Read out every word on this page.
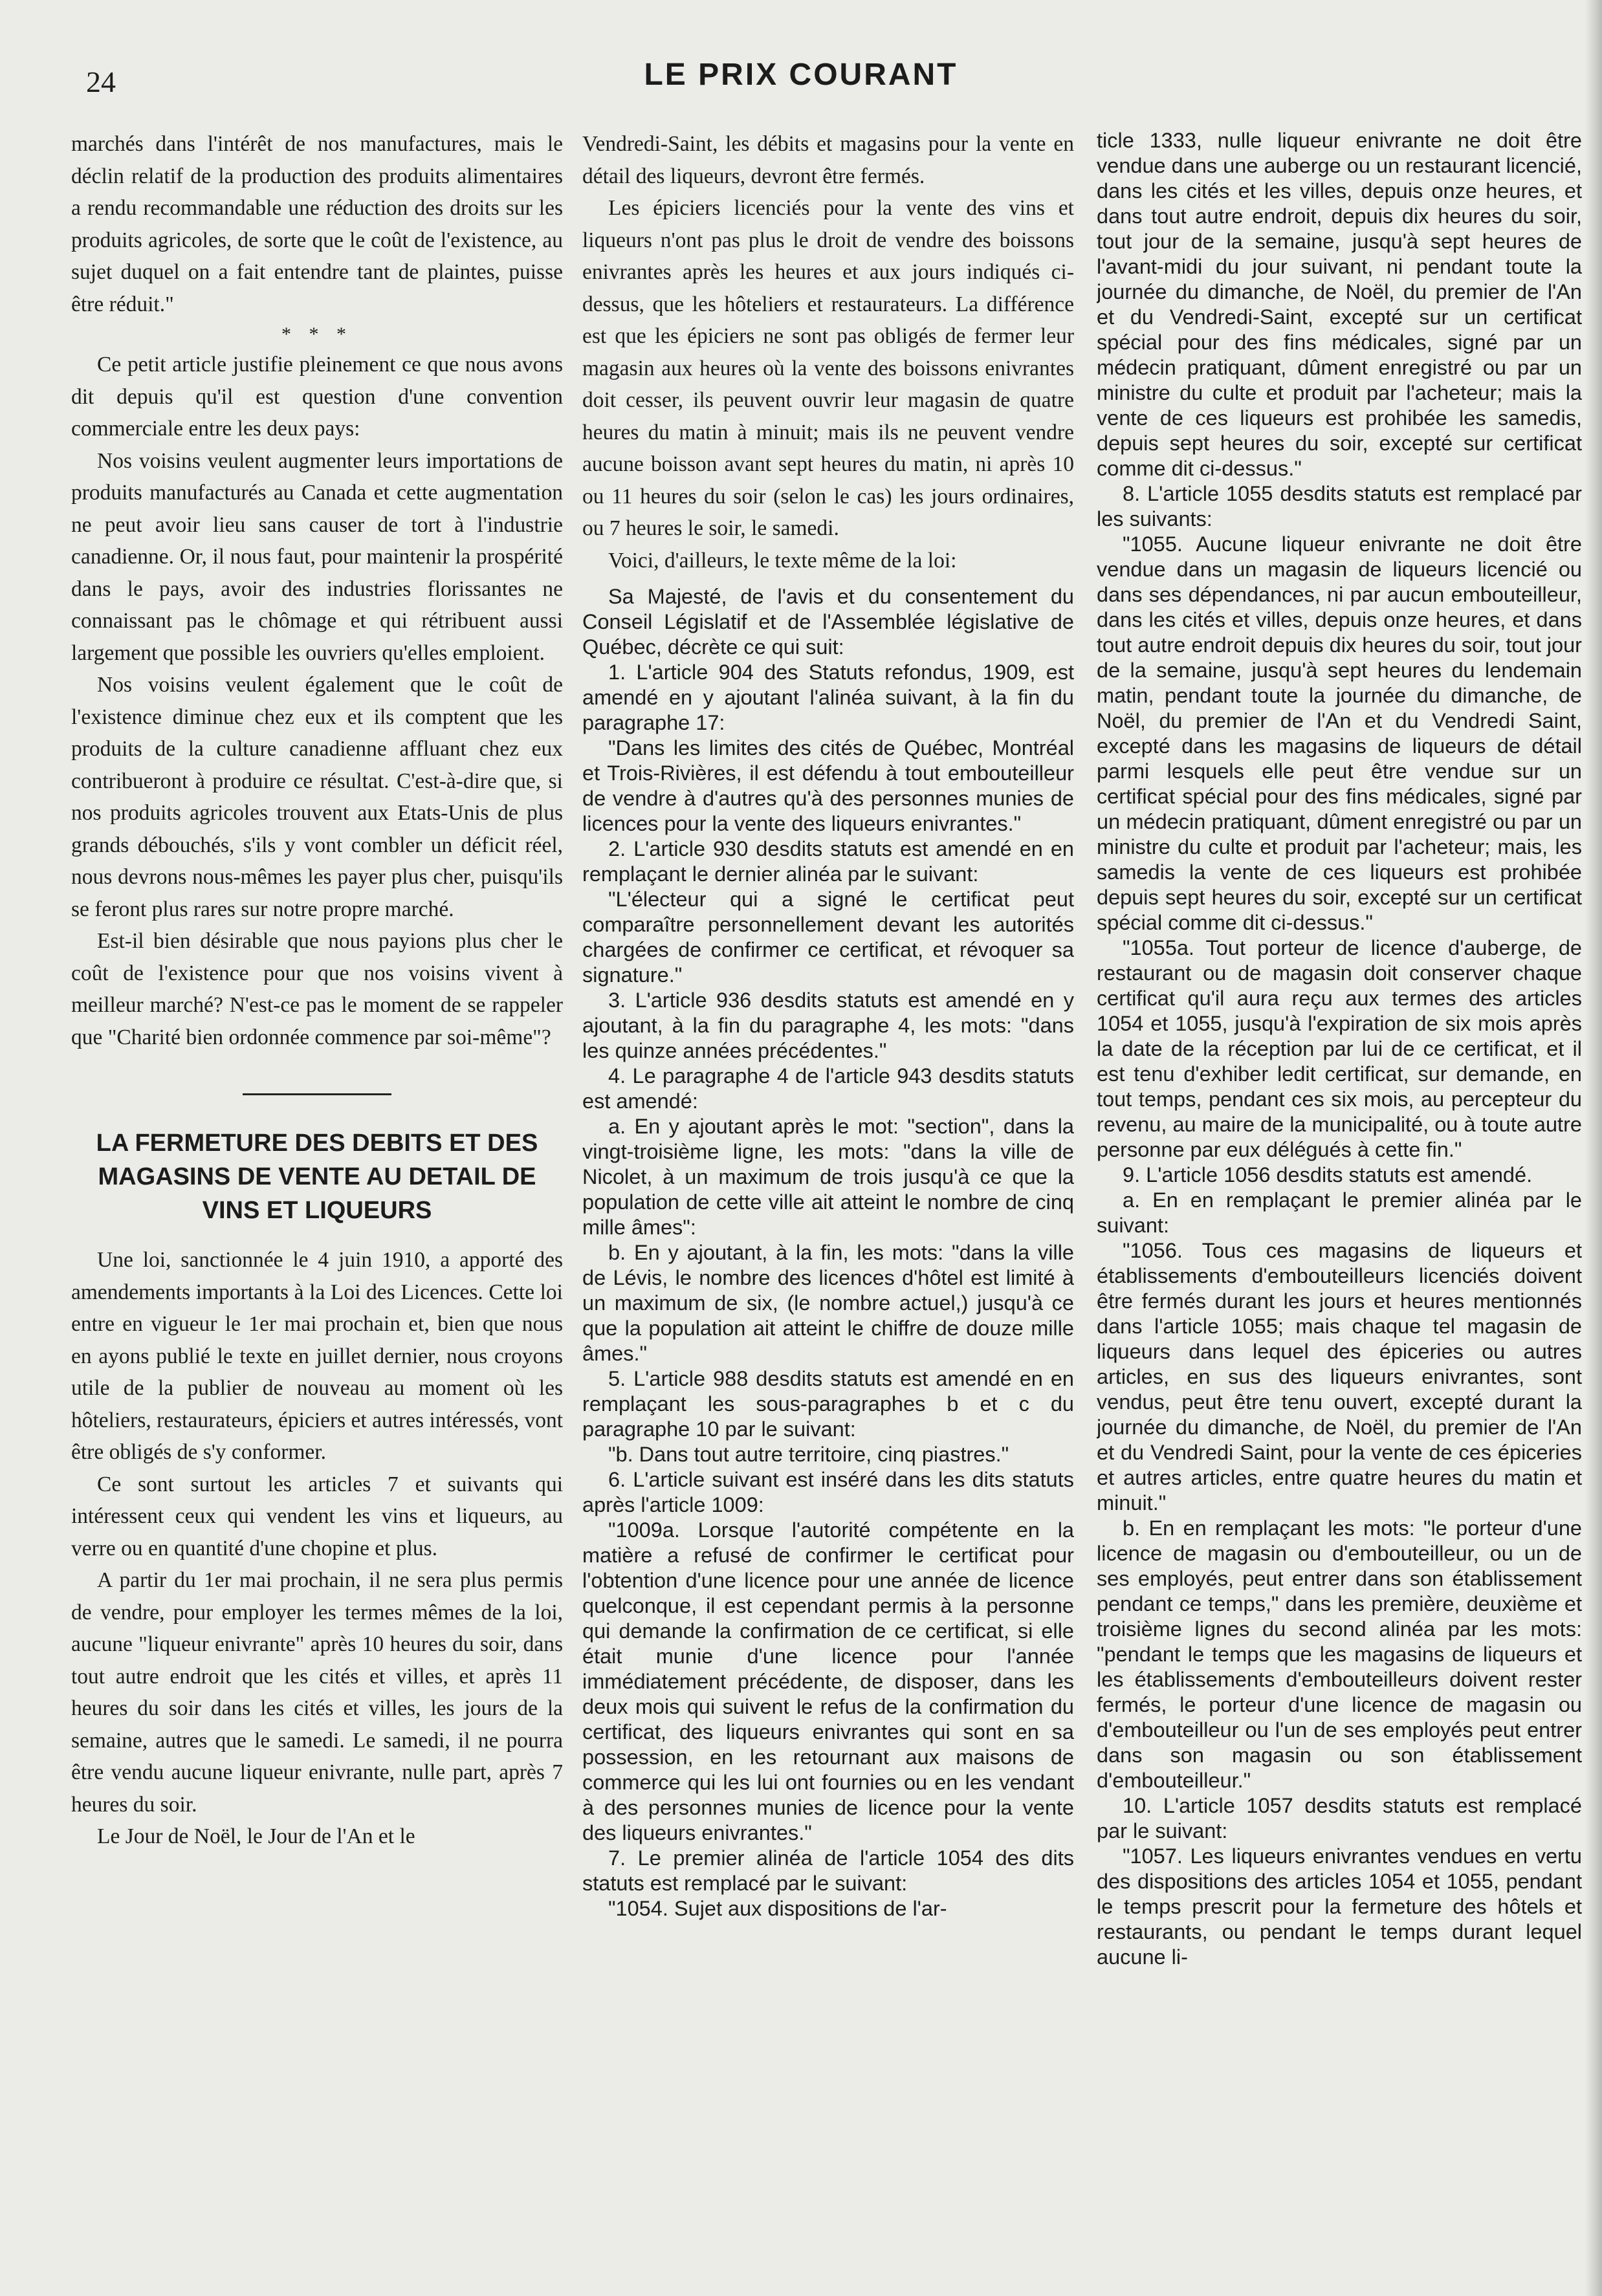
24	LE PRIX COURANT

marchés dans l'intérêt de nos manufactures, mais le déclin relatif de la production des produits alimentaires a rendu recommandable une réduction des droits sur les produits agricoles, de sorte que le coût de l'existence, au sujet duquel on a fait entendre tant de plaintes, puisse être réduit."

* * *

Ce petit article justifie pleinement ce que nous avons dit depuis qu'il est question d'une convention commerciale entre les deux pays:

Nos voisins veulent augmenter leurs importations de produits manufacturés au Canada et cette augmentation ne peut avoir lieu sans causer de tort à l'industrie canadienne. Or, il nous faut, pour maintenir la prospérité dans le pays, avoir des industries florissantes ne connaissant pas le chômage et qui rétribuent aussi largement que possible les ouvriers qu'elles emploient.

Nos voisins veulent également que le coût de l'existence diminue chez eux et ils comptent que les produits de la culture canadienne affluant chez eux contribueront à produire ce résultat. C'est-à-dire que, si nos produits agricoles trouvent aux Etats-Unis de plus grands débouchés, s'ils y vont combler un déficit réel, nous devrons nous-mêmes les payer plus cher, puisqu'ils se feront plus rares sur notre propre marché.

Est-il bien désirable que nous payions plus cher le coût de l'existence pour que nos voisins vivent à meilleur marché? N'est-ce pas le moment de se rappeler que "Charité bien ordonnée commence par soi-même"?

LA FERMETURE DES DEBITS ET DES MAGASINS DE VENTE AU DETAIL DE VINS ET LIQUEURS

Une loi, sanctionnée le 4 juin 1910, a apporté des amendements importants à la Loi des Licences. Cette loi entre en vigueur le 1er mai prochain et, bien que nous en ayons publié le texte en juillet dernier, nous croyons utile de la publier de nouveau au moment où les hôteliers, restaurateurs, épiciers et autres intéressés, vont être obligés de s'y conformer.

Ce sont surtout les articles 7 et suivants qui intéressent ceux qui vendent les vins et liqueurs, au verre ou en quantité d'une chopine et plus.

A partir du 1er mai prochain, il ne sera plus permis de vendre, pour employer les termes mêmes de la loi, aucune "liqueur enivrante" après 10 heures du soir, dans tout autre endroit que les cités et villes, et après 11 heures du soir dans les cités et villes, les jours de la semaine, autres que le samedi. Le samedi, il ne pourra être vendu aucune liqueur enivrante, nulle part, après 7 heures du soir.

Le Jour de Noël, le Jour de l'An et le

Vendredi-Saint, les débits et magasins pour la vente en détail des liqueurs, devront être fermés.

Les épiciers licenciés pour la vente des vins et liqueurs n'ont pas plus le droit de vendre des boissons enivrantes après les heures et aux jours indiqués ci-dessus, que les hôteliers et restaurateurs. La différence est que les épiciers ne sont pas obligés de fermer leur magasin aux heures où la vente des boissons enivrantes doit cesser, ils peuvent ouvrir leur magasin de quatre heures du matin à minuit; mais ils ne peuvent vendre aucune boisson avant sept heures du matin, ni après 10 ou 11 heures du soir (selon le cas) les jours ordinaires, ou 7 heures le soir, le samedi.

Voici, d'ailleurs, le texte même de la loi:

Sa Majesté, de l'avis et du consentement du Conseil Législatif et de l'Assemblée législative de Québec, décrète ce qui suit:

1. L'article 904 des Statuts refondus, 1909, est amendé en y ajoutant l'alinéa suivant, à la fin du paragraphe 17:

"Dans les limites des cités de Québec, Montréal et Trois-Rivières, il est défendu à tout embouteilleur de vendre à d'autres qu'à des personnes munies de licences pour la vente des liqueurs enivrantes."

2. L'article 930 desdits statuts est amendé en en remplaçant le dernier alinéa par le suivant:

"L'électeur qui a signé le certificat peut comparaître personnellement devant les autorités chargées de confirmer ce certificat, et révoquer sa signature."

3. L'article 936 desdits statuts est amendé en y ajoutant, à la fin du paragraphe 4, les mots: "dans les quinze années précédentes."

4. Le paragraphe 4 de l'article 943 desdits statuts est amendé:

a. En y ajoutant après le mot: "section", dans la vingt-troisième ligne, les mots: "dans la ville de Nicolet, à un maximum de trois jusqu'à ce que la population de cette ville ait atteint le nombre de cinq mille âmes":

b. En y ajoutant, à la fin, les mots: "dans la ville de Lévis, le nombre des licences d'hôtel est limité à un maximum de six, (le nombre actuel,) jusqu'à ce que la population ait atteint le chiffre de douze mille âmes."

5. L'article 988 desdits statuts est amendé en en remplaçant les sous-paragraphes b et c du paragraphe 10 par le suivant:

"b. Dans tout autre territoire, cinq piastres."

6. L'article suivant est inséré dans les dits statuts après l'article 1009:

"1009a. Lorsque l'autorité compétente en la matière a refusé de confirmer le certificat pour l'obtention d'une licence pour une année de licence quelconque, il est cependant permis à la personne qui demande la confirmation de ce certificat, si elle était munie d'une licence pour l'année immédiatement précédente, de disposer, dans les deux mois qui suivent le refus de la confirmation du certificat, des liqueurs enivrantes qui sont en sa possession, en les retournant aux maisons de commerce qui les lui ont fournies ou en les vendant à des personnes munies de licence pour la vente des liqueurs enivrantes."

7. Le premier alinéa de l'article 1054 des dits statuts est remplacé par le suivant:

"1054. Sujet aux dispositions de l'ar-

ticle 1333, nulle liqueur enivrante ne doit être vendue dans une auberge ou un restaurant licencié, dans les cités et les villes, depuis onze heures, et dans tout autre endroit, depuis dix heures du soir, tout jour de la semaine, jusqu'à sept heures de l'avant-midi du jour suivant, ni pendant toute la journée du dimanche, de Noël, du premier de l'An et du Vendredi-Saint, excepté sur un certificat spécial pour des fins médicales, signé par un médecin pratiquant, dûment enregistré ou par un ministre du culte et produit par l'acheteur; mais la vente de ces liqueurs est prohibée les samedis, depuis sept heures du soir, excepté sur certificat comme dit ci-dessus."

8. L'article 1055 desdits statuts est remplacé par les suivants:

"1055. Aucune liqueur enivrante ne doit être vendue dans un magasin de liqueurs licencié ou dans ses dépendances, ni par aucun embouteilleur, dans les cités et villes, depuis onze heures, et dans tout autre endroit depuis dix heures du soir, tout jour de la semaine, jusqu'à sept heures du lendemain matin, pendant toute la journée du dimanche, de Noël, du premier de l'An et du Vendredi Saint, excepté dans les magasins de liqueurs de détail parmi lesquels elle peut être vendue sur un certificat spécial pour des fins médicales, signé par un médecin pratiquant, dûment enregistré ou par un ministre du culte et produit par l'acheteur; mais, les samedis la vente de ces liqueurs est prohibée depuis sept heures du soir, excepté sur un certificat spécial comme dit ci-dessus."

"1055a. Tout porteur de licence d'auberge, de restaurant ou de magasin doit conserver chaque certificat qu'il aura reçu aux termes des articles 1054 et 1055, jusqu'à l'expiration de six mois après la date de la réception par lui de ce certificat, et il est tenu d'exhiber ledit certificat, sur demande, en tout temps, pendant ces six mois, au percepteur du revenu, au maire de la municipalité, ou à toute autre personne par eux délégués à cette fin."

9. L'article 1056 desdits statuts est amendé.

a. En en remplaçant le premier alinéa par le suivant:

"1056. Tous ces magasins de liqueurs et établissements d'embouteilleurs licenciés doivent être fermés durant les jours et heures mentionnés dans l'article 1055; mais chaque tel magasin de liqueurs dans lequel des épiceries ou autres articles, en sus des liqueurs enivrantes, sont vendus, peut être tenu ouvert, excepté durant la journée du dimanche, de Noël, du premier de l'An et du Vendredi Saint, pour la vente de ces épiceries et autres articles, entre quatre heures du matin et minuit."

b. En en remplaçant les mots: "le porteur d'une licence de magasin ou d'embouteilleur, ou un de ses employés, peut entrer dans son établissement pendant ce temps," dans les première, deuxième et troisième lignes du second alinéa par les mots: "pendant le temps que les magasins de liqueurs et les établissements d'embouteilleurs doivent rester fermés, le porteur d'une licence de magasin ou d'embouteilleur ou l'un de ses employés peut entrer dans son magasin ou son établissement d'embouteilleur."

10. L'article 1057 desdits statuts est remplacé par le suivant:

"1057. Les liqueurs enivrantes vendues en vertu des dispositions des articles 1054 et 1055, pendant le temps prescrit pour la fermeture des hôtels et restaurants, ou pendant le temps durant lequel aucune li-
